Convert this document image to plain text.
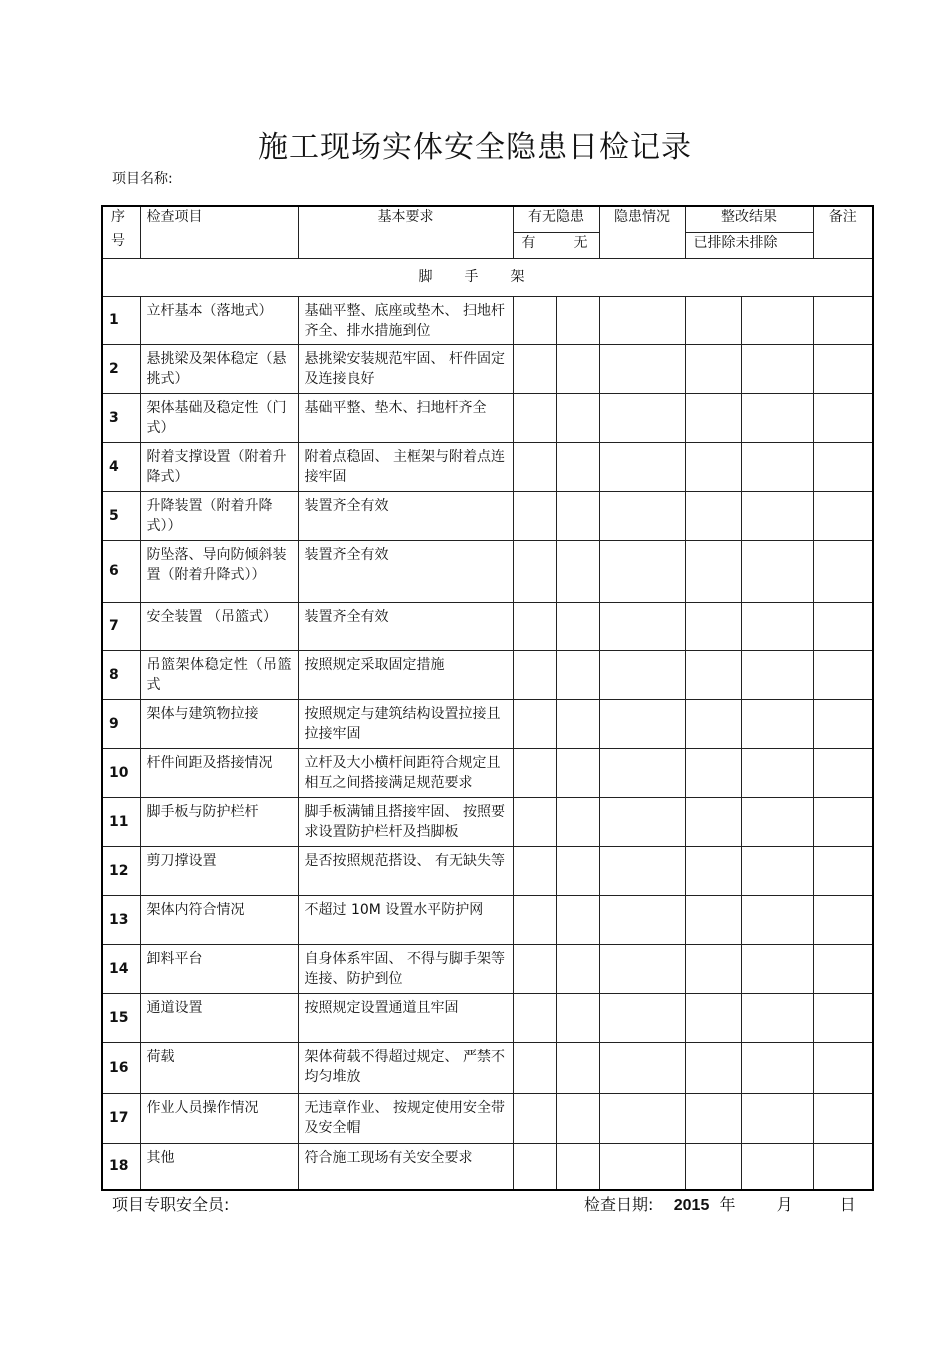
施工现场实体安全隐患日检记录
项目名称:
序
号	检查项目	基本要求	有无隐患		隐患情况	整改结果		备注
			有 无			已排除未排除		
脚手架								
1	立杆基本（落地式）	基础平整、底座或垫木、 扫地杆齐全、排水措施到位						
2	悬挑梁及架体稳定（悬挑式）	悬挑梁安装规范牢固、 杆件固定及连接良好						
3	架体基础及稳定性（门式）	基础平整、垫木、扫地杆齐全						
4	附着支撑设置（附着升降式）	附着点稳固、 主框架与附着点连接牢固						
5	升降装置（附着升降式））	装置齐全有效						
6	防坠落、导向防倾斜装置（附着升降式））	装置齐全有效						
7	安全装置 （吊篮式）	装置齐全有效						
8	吊篮架体稳定性（吊篮式	按照规定采取固定措施						
9	架体与建筑物拉接	按照规定与建筑结构设置拉接且拉接牢固						
10	杆件间距及搭接情况	立杆及大小横杆间距符合规定且相互之间搭接满足规范要求						
11	脚手板与防护栏杆	脚手板满铺且搭接牢固、 按照要求设置防护栏杆及挡脚板						
12	剪刀撑设置	是否按照规范搭设、 有无缺失等						
13	架体内符合情况	不超过 10M 设置水平防护网						
14	卸料平台	自身体系牢固、 不得与脚手架等连接、防护到位						
15	通道设置	按照规定设置通道且牢固						
16	荷载	架体荷载不得超过规定、 严禁不均匀堆放						
17	作业人员操作情况	无违章作业、 按规定使用安全带及安全帽						
18	其他	符合施工现场有关安全要求						
项目专职安全员:	检查日期: 2015 年	月	日
